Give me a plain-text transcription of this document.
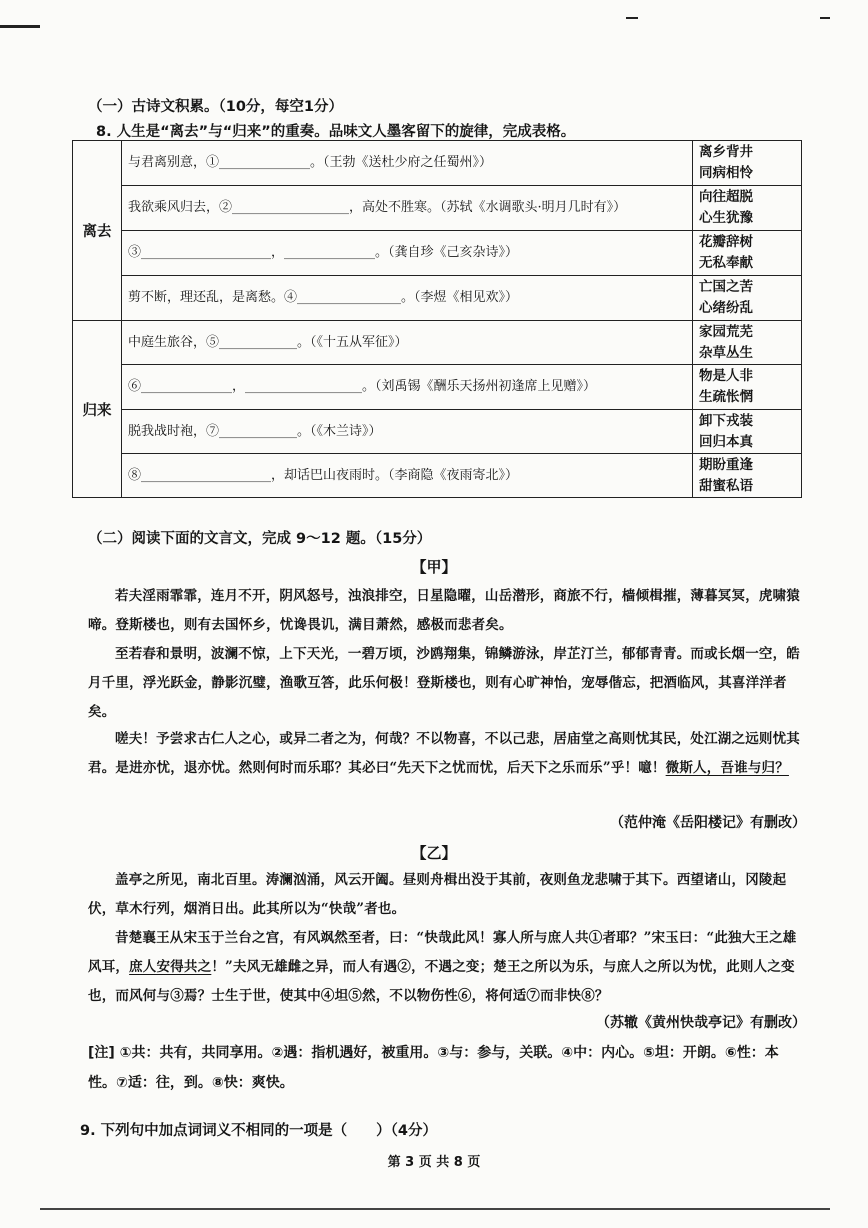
（一）古诗文积累。（10分，每空1分）
8. 人生是“离去”与“归来”的重奏。品味文人墨客留下的旋律，完成表格。
离去	与君离别意，①______________。（王勃《送杜少府之任蜀州》）	离乡背井
同病相怜

	我欲乘风归去，②__________________，高处不胜寒。（苏轼《水调歌头·明月几时有》）	向往超脱
心生犹豫

	③____________________，______________。（龚自珍《己亥杂诗》）	花瓣辞树
无私奉献

	剪不断，理还乱，是离愁。④________________。（李煜《相见欢》）	亡国之苦
心绪纷乱

归来	中庭生旅谷，⑤____________。（《十五从军征》）	家园荒芜
杂草丛生

	⑥______________，__________________。（刘禹锡《酬乐天扬州初逢席上见赠》）	物是人非
生疏怅惘

	脱我战时袍，⑦____________。（《木兰诗》）	卸下戎装
回归本真

	⑧____________________，却话巴山夜雨时。（李商隐《夜雨寄北》）	期盼重逢
甜蜜私语
（二）阅读下面的文言文，完成 9～12 题。（15分）
【甲】
若夫淫雨霏霏，连月不开，阴风怒号，浊浪排空，日星隐曜，山岳潜形，商旅不行，樯倾楫摧，薄暮冥冥，虎啸猿啼。登斯楼也，则有去国怀乡，忧谗畏讥，满目萧然，感极而悲者矣。
至若春和景明，波澜不惊，上下天光，一碧万顷，沙鸥翔集，锦鳞游泳，岸芷汀兰，郁郁青青。而或长烟一空，皓月千里，浮光跃金，静影沉璧，渔歌互答，此乐何极！登斯楼也，则有心旷神怡，宠辱偕忘，把酒临风，其喜洋洋者矣。
嗟夫！予尝求古仁人之心，或异二者之为，何哉？不以物喜，不以己悲，居庙堂之高则忧其民，处江湖之远则忧其君。是进亦忧，退亦忧。然则何时而乐耶？其必曰“先天下之忧而忧，后天下之乐而乐”乎！噫！微斯人，吾谁与归？
（范仲淹《岳阳楼记》有删改）
【乙】
盖亭之所见，南北百里。涛澜汹涌，风云开阖。昼则舟楫出没于其前，夜则鱼龙悲啸于其下。西望诸山，冈陵起伏，草木行列，烟消日出。此其所以为“快哉”者也。
昔楚襄王从宋玉于兰台之宫，有风飒然至者，曰：“快哉此风！寡人所与庶人共①者耶？”宋玉曰：“此独大王之雄风耳，庶人安得共之！”夫风无雄雌之异，而人有遇②，不遇之变；楚王之所以为乐，与庶人之所以为忧，此则人之变也，而风何与③焉？士生于世，使其中④坦⑤然，不以物伤性⑥，将何适⑦而非快⑧？
（苏辙《黄州快哉亭记》有删改）
[注] ①共：共有，共同享用。②遇：指机遇好，被重用。③与：参与，关联。④中：内心。⑤坦：开朗。⑥性：本性。⑦适：往，到。⑧快：爽快。
9. 下列句中加点词词义不相同的一项是（　　）（4分）
第 3 页 共 8 页
